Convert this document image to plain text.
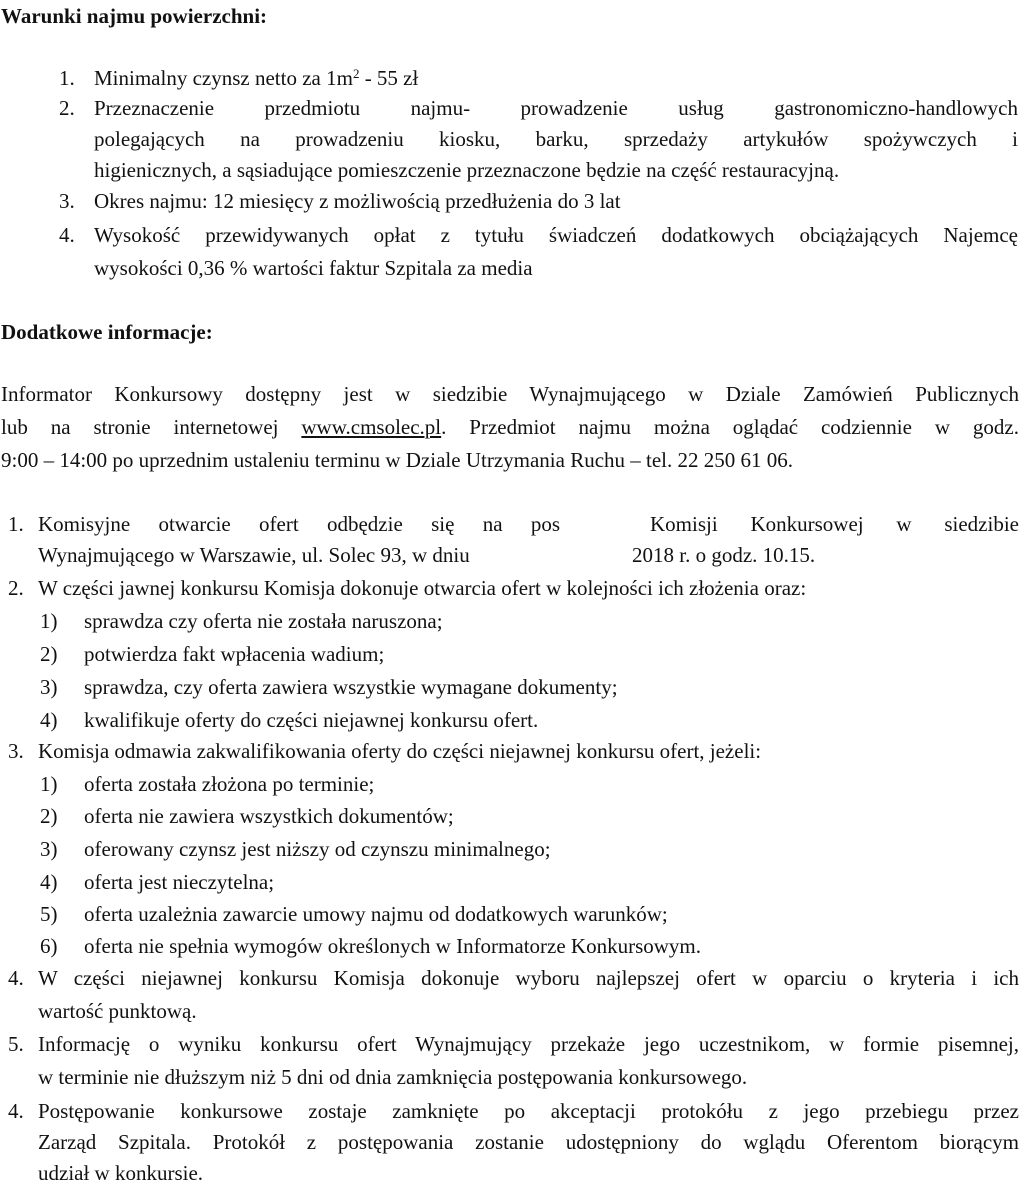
Warunki najmu powierzchni:
1. Minimalny czynsz netto za $1m^2 - 55$ zł
2. Przeznaczenie przedmiotu najmu- prowadzenie usług gastronomiczno-handlowych
polegających na prowadzeniu kiosku, barku, sprzedaży artykułów spożywczych i
higienicznych, a sąsiadujące pomieszczenie przeznaczone będzie na część restauracyjną.
3. Okres najmu: 12 miesięcy z możliwością przedłużenia do 3 lat
4. Wysokość przewidywanych opłat z tytułu świadczeń dodatkowych obciążających Najemcę
wysokości 0,36 % wartości faktur Szpitala za media
Dodatkowe informacje:
Informator Konkursowy dostępny jest w siedzibie Wynajmującego w Dziale Zamówień Publicznych
lub na stronie internetowej www.cmsolec.pl. Przedmiot najmu można oglądać codziennie w godz.
9:00 – 14:00 po uprzednim ustaleniu terminu w Dziale Utrzymania Ruchu – tel. 22 250 61 06.
1. Komisyjne otwarcie ofert odbędzie się na pos	Komisji Konkursowej w siedzibie
Wynajmującego w Warszawie, ul. Solec 93, w dniu	2018 r. o godz. 10.15.
2. W części jawnej konkursu Komisja dokonuje otwarcia ofert w kolejności ich złożenia oraz:
1) sprawdza czy oferta nie została naruszona;
2) potwierdza fakt wpłacenia wadium;
3) sprawdza, czy oferta zawiera wszystkie wymagane dokumenty;
4) kwalifikuje oferty do części niejawnej konkursu ofert.
3. Komisja odmawia zakwalifikowania oferty do części niejawnej konkursu ofert, jeżeli:
1) oferta została złożona po terminie;
2) oferta nie zawiera wszystkich dokumentów;
3) oferowany czynsz jest niższy od czynszu minimalnego;
4) oferta jest nieczytelna;
5) oferta uzależnia zawarcie umowy najmu od dodatkowych warunków;
6) oferta nie spełnia wymogów określonych w Informatorze Konkursowym.
4. W części niejawnej konkursu Komisja dokonuje wyboru najlepszej ofert w oparciu o kryteria i ich
wartość punktową.
5. Informację o wyniku konkursu ofert Wynajmujący przekaże jego uczestnikom, w formie pisemnej,
w terminie nie dłuższym niż 5 dni od dnia zamknięcia postępowania konkursowego.
4. Postępowanie konkursowe zostaje zamknięte po akceptacji protokółu z jego przebiegu przez
Zarząd Szpitala. Protokół z postępowania zostanie udostępniony do wglądu Oferentom biorącym
udział w konkursie.
